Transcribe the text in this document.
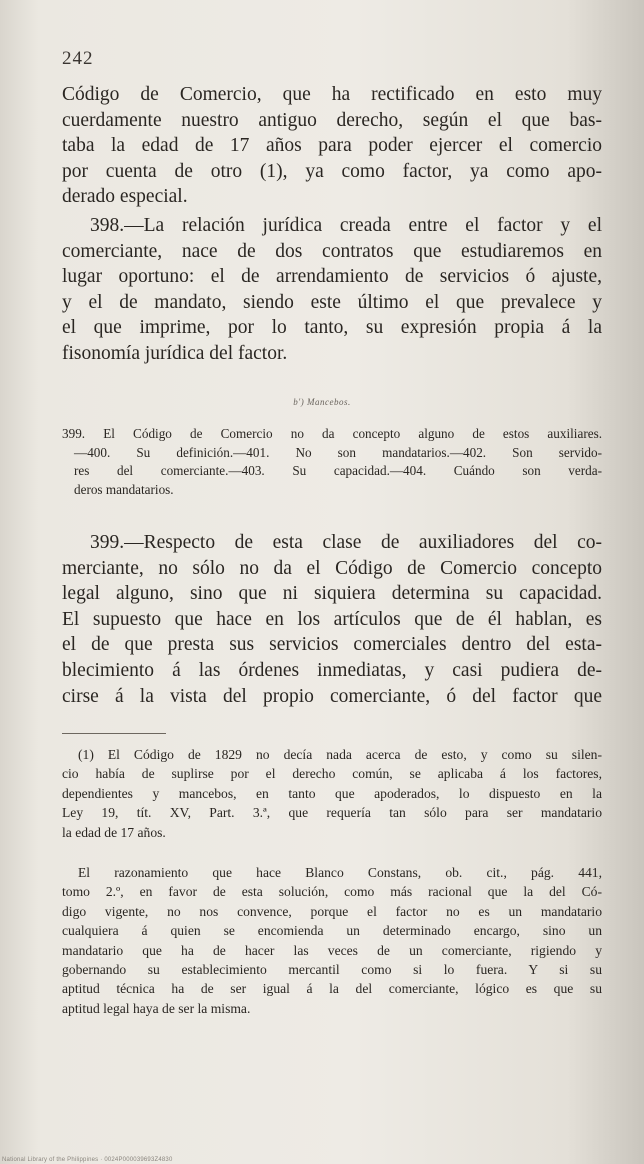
242
Código de Comercio, que ha rectificado en esto muy
cuerdamente nuestro antiguo derecho, según el que bas-
taba la edad de 17 años para poder ejercer el comercio
por cuenta de otro (1), ya como factor, ya como apo-
derado especial.
398.—La relación jurídica creada entre el factor y el
comerciante, nace de dos contratos que estudiaremos en
lugar oportuno: el de arrendamiento de servicios ó ajuste,
y el de mandato, siendo este último el que prevalece y
el que imprime, por lo tanto, su expresión propia á la
fisonomía jurídica del factor.
b') Mancebos.
399. El Código de Comercio no da concepto alguno de estos auxiliares.
—400. Su definición.—401. No son mandatarios.—402. Son servido-
res del comerciante.—403. Su capacidad.—404. Cuándo son verda-
deros mandatarios.
399.—Respecto de esta clase de auxiliadores del co-
merciante, no sólo no da el Código de Comercio concepto
legal alguno, sino que ni siquiera determina su capacidad.
El supuesto que hace en los artículos que de él hablan, es
el de que presta sus servicios comerciales dentro del esta-
blecimiento á las órdenes inmediatas, y casi pudiera de-
cirse á la vista del propio comerciante, ó del factor que
(1) El Código de 1829 no decía nada acerca de esto, y como su silen-
cio había de suplirse por el derecho común, se aplicaba á los factores,
dependientes y mancebos, en tanto que apoderados, lo dispuesto en la
Ley 19, tít. XV, Part. 3.ª, que requería tan sólo para ser mandatario
la edad de 17 años.
El razonamiento que hace Blanco Constans, ob. cit., pág. 441,
tomo 2.º, en favor de esta solución, como más racional que la del Có-
digo vigente, no nos convence, porque el factor no es un mandatario
cualquiera á quien se encomienda un determinado encargo, sino un
mandatario que ha de hacer las veces de un comerciante, rigiendo y
gobernando su establecimiento mercantil como si lo fuera. Y si su
aptitud técnica ha de ser igual á la del comerciante, lógico es que su
aptitud legal haya de ser la misma.
National Library of the Philippines · 0024P000039693Z4830
